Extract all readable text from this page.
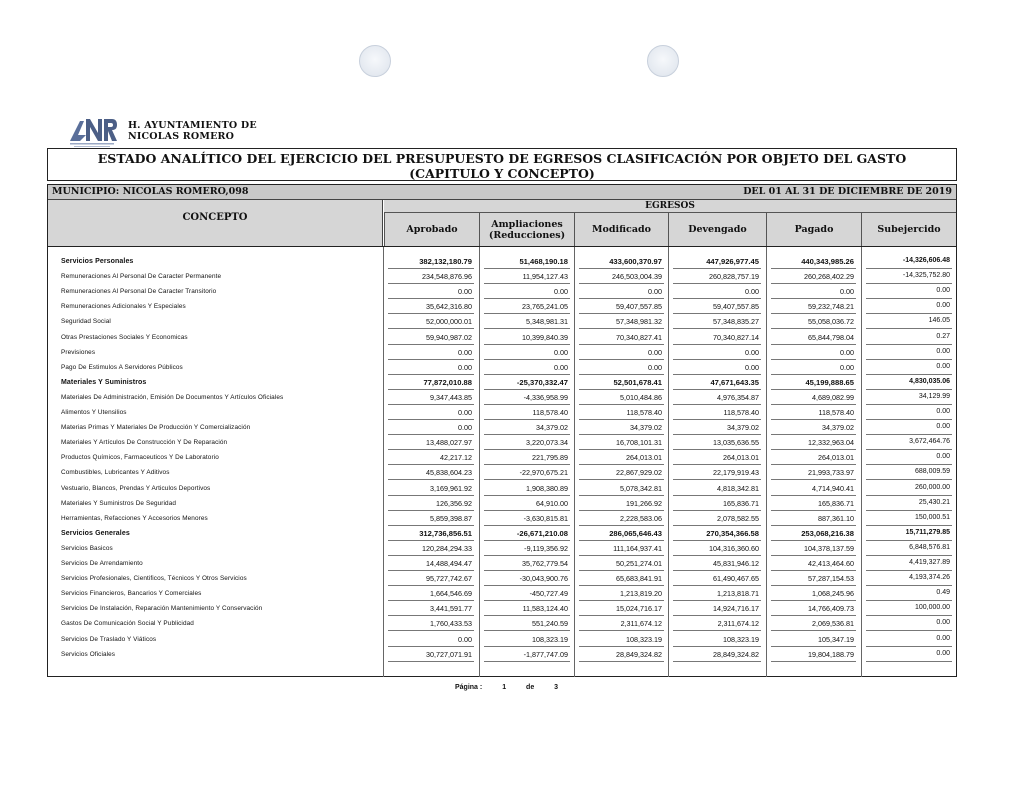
H. AYUNTAMIENTO DE
NICOLAS ROMERO
ESTADO ANALÍTICO DEL EJERCICIO DEL PRESUPUESTO DE EGRESOS CLASIFICACIÓN POR OBJETO DEL GASTO
(CAPITULO Y CONCEPTO)
MUNICIPIO: NICOLAS ROMERO,098	DEL 01 AL 31 DE DICIEMBRE DE 2019
CONCEPTO
EGRESOS
Aprobado	Ampliaciones
(Reducciones)	Modificado	Devengado	Pagado	Subejercido
Servicios Personales	382,132,180.79	51,468,190.18	433,600,370.97	447,926,977.45	440,343,985.26	-14,326,606.48
Remuneraciones Al Personal De Caracter Permanente	234,548,876.96	11,954,127.43	246,503,004.39	260,828,757.19	260,268,402.29	-14,325,752.80
Remuneraciones Al Personal De Caracter Transitorio	0.00	0.00	0.00	0.00	0.00	0.00
Remuneraciones Adicionales Y Especiales	35,642,316.80	23,765,241.05	59,407,557.85	59,407,557.85	59,232,748.21	0.00
Seguridad Social	52,000,000.01	5,348,981.31	57,348,981.32	57,348,835.27	55,058,036.72	146.05
Otras Prestaciones Sociales Y Economicas	59,940,987.02	10,399,840.39	70,340,827.41	70,340,827.14	65,844,798.04	0.27
Previsiones	0.00	0.00	0.00	0.00	0.00	0.00
Pago De Estimulos A Servidores Públicos	0.00	0.00	0.00	0.00	0.00	0.00
Materiales Y Suministros	77,872,010.88	-25,370,332.47	52,501,678.41	47,671,643.35	45,199,888.65	4,830,035.06
Materiales De Administración, Emisión De Documentos Y Artículos Oficiales	9,347,443.85	-4,336,958.99	5,010,484.86	4,976,354.87	4,689,082.99	34,129.99
Alimentos Y Utensilios	0.00	118,578.40	118,578.40	118,578.40	118,578.40	0.00
Materias Primas Y Materiales De Producción Y Comercialización	0.00	34,379.02	34,379.02	34,379.02	34,379.02	0.00
Materiales Y Artículos De Construcción Y De Reparación	13,488,027.97	3,220,073.34	16,708,101.31	13,035,636.55	12,332,963.04	3,672,464.76
Productos Químicos, Farmaceuticos Y De Laboratorio	42,217.12	221,795.89	264,013.01	264,013.01	264,013.01	0.00
Combustibles, Lubricantes Y Aditivos	45,838,604.23	-22,970,675.21	22,867,929.02	22,179,919.43	21,993,733.97	688,009.59
Vestuario, Blancos, Prendas Y Articulos Deportivos	3,169,961.92	1,908,380.89	5,078,342.81	4,818,342.81	4,714,940.41	260,000.00
Materiales Y Suministros De Seguridad	126,356.92	64,910.00	191,266.92	165,836.71	165,836.71	25,430.21
Herramientas, Refacciones Y Accesorios Menores	5,859,398.87	-3,630,815.81	2,228,583.06	2,078,582.55	887,361.10	150,000.51
Servicios Generales	312,736,856.51	-26,671,210.08	286,065,646.43	270,354,366.58	253,068,216.38	15,711,279.85
Servicios Basicos	120,284,294.33	-9,119,356.92	111,164,937.41	104,316,360.60	104,378,137.59	6,848,576.81
Servicios De Arrendamiento	14,488,494.47	35,762,779.54	50,251,274.01	45,831,946.12	42,413,464.60	4,419,327.89
Servicios Profesionales, Cientificos, Técnicos Y Otros Servicios	95,727,742.67	-30,043,900.76	65,683,841.91	61,490,467.65	57,287,154.53	4,193,374.26
Servicios Financieros, Bancarios Y Comerciales	1,664,546.69	-450,727.49	1,213,819.20	1,213,818.71	1,068,245.96	0.49
Servicios De Instalación, Reparación Mantenimiento Y Conservación	3,441,591.77	11,583,124.40	15,024,716.17	14,924,716.17	14,766,409.73	100,000.00
Gastos De Comunicación Social Y Publicidad	1,760,433.53	551,240.59	2,311,674.12	2,311,674.12	2,069,536.81	0.00
Servicios De Traslado Y Viáticos	0.00	108,323.19	108,323.19	108,323.19	105,347.19	0.00
Servicios Oficiales	30,727,071.91	-1,877,747.09	28,849,324.82	28,849,324.82	19,804,188.79	0.00
Página :	1	de	3
